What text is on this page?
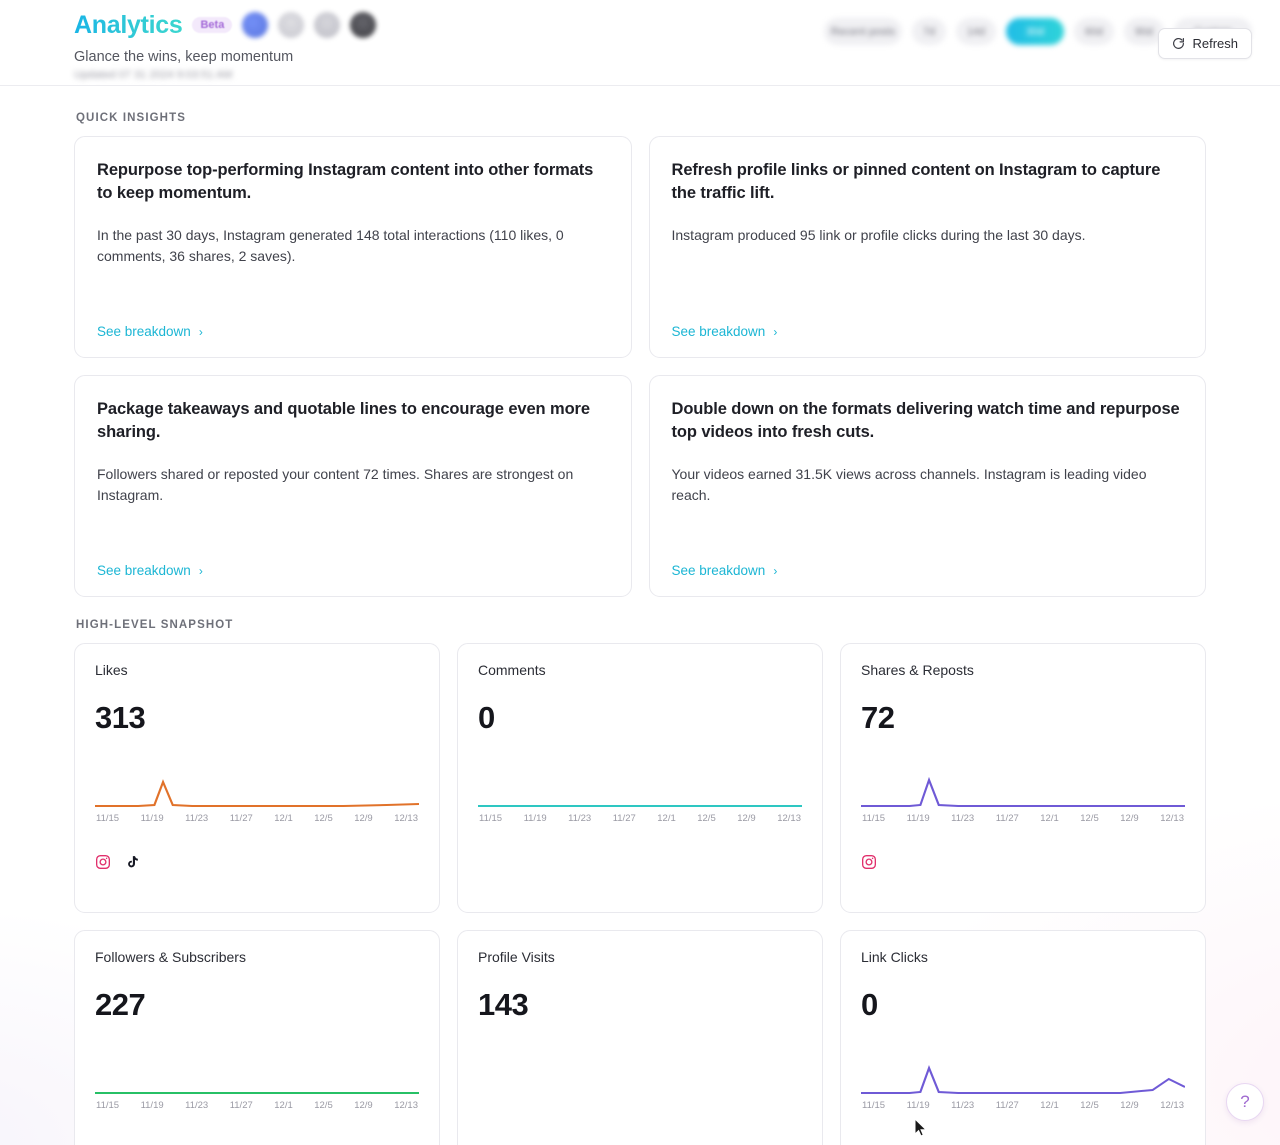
Analytics	Beta
Glance the wins, keep momentum
Updated 07 31 2024 9:03:51 AM
Recent posts	7d	14d	30d	60d	90d
Refresh
QUICK INSIGHTS
Repurpose top-performing Instagram content into other formats to keep momentum.
In the past 30 days, Instagram generated 148 total interactions (110 likes, 0 comments, 36 shares, 2 saves).
See breakdown ›
Refresh profile links or pinned content on Instagram to capture the traffic lift.
Instagram produced 95 link or profile clicks during the last 30 days.
See breakdown ›
Package takeaways and quotable lines to encourage even more sharing.
Followers shared or reposted your content 72 times. Shares are strongest on Instagram.
See breakdown ›
Double down on the formats delivering watch time and repurpose top videos into fresh cuts.
Your videos earned 31.5K views across channels. Instagram is leading video reach.
See breakdown ›
HIGH-LEVEL SNAPSHOT
Likes
313
11/15 11/19 11/23 11/27 12/1 12/5 12/9 12/13
Comments
0
11/15 11/19 11/23 11/27 12/1 12/5 12/9 12/13
Shares & Reposts
72
11/15 11/19 11/23 11/27 12/1 12/5 12/9 12/13
Followers & Subscribers
227
11/15 11/19 11/23 11/27 12/1 12/5 12/9 12/13
Profile Visits
143
Link Clicks
0
11/15 11/19 11/23 11/27 12/1 12/5 12/9 12/13	?
